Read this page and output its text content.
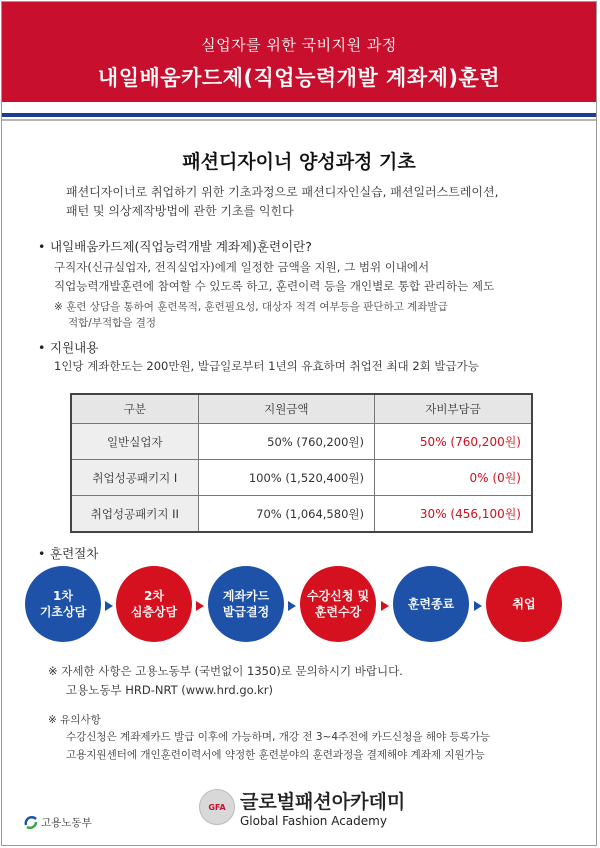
실업자를 위한 국비지원 과정
내일배움카드제(직업능력개발 계좌제)훈련
패션디자이너 양성과정 기초
패션디자이너로 취업하기 위한 기초과정으로 패션디자인실습, 패션일러스트레이션,
패턴 및 의상제작방법에 관한 기초를 익힌다
• 내일배움카드제(직업능력개발 계좌제)훈련이란?
구직자(신규실업자, 전직실업자)에게 일정한 금액을 지원, 그 범위 이내에서
직업능력개발훈련에 참여할 수 있도록 하고, 훈련이력 등을 개인별로 통합 관리하는 제도
※ 훈련 상담을 통하여 훈련목적, 훈련필요성, 대상자 적격 여부등을 판단하고 계좌발급
적합/부적합을 결정
• 지원내용
1인당 계좌한도는 200만원, 발급일로부터 1년의 유효하며 취업전 최대 2회 발급가능
구분	지원금액	자비부담금
일반실업자	50% (760,200원)	50% (760,200원)
취업성공패키지 I	100% (1,520,400원)	0% (0원)
취업성공패키지 II	70% (1,064,580원)	30% (456,100원)
• 훈련절차
1차
기초상담
2차
심층상담
계좌카드
발급결정
수강신청 및
훈련수강
훈련종료	취업
※ 자세한 사항은 고용노동부 (국번없이 1350)로 문의하시기 바랍니다.
고용노동부 HRD-NRT (www.hrd.go.kr)
※ 유의사항
수강신청은 계좌제카드 발급 이후에 가능하며, 개강 전 3~4주전에 카드신청을 해야 등록가능
고용지원센터에 개인훈련이력서에 약정한 훈련분야의 훈련과정을 결제해야 계좌제 지원가능
고용노동부
GFA 글로벌패션아카데미
Global Fashion Academy
